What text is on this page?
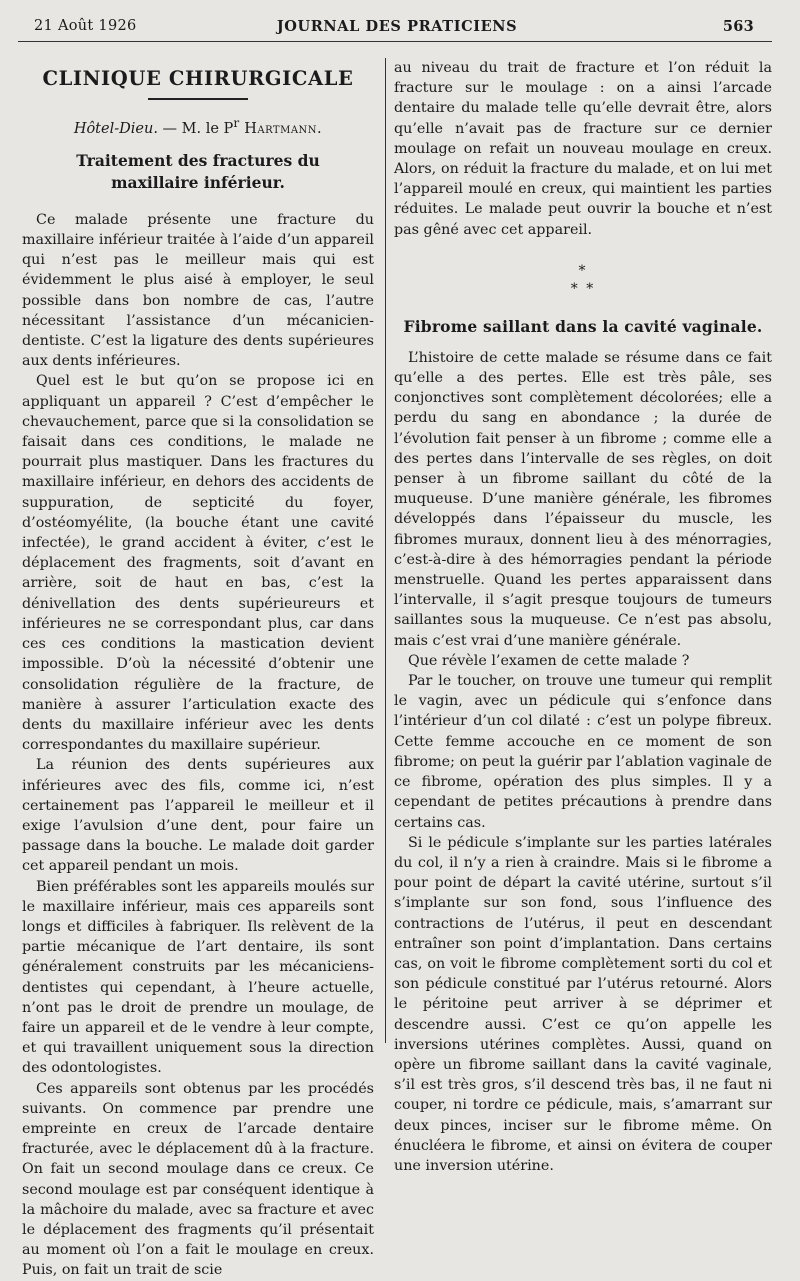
21 Août 1926	JOURNAL DES PRATICIENS	563
CLINIQUE CHIRURGICALE
Hôtel-Dieu. — M. le $P^r$ Hartmann.
Traitement des fractures du maxillaire inférieur.

Ce malade présente une fracture du maxillaire inférieur traitée à l’aide d’un appareil qui n’est pas le meilleur mais qui est évidemment le plus aisé à employer, le seul possible dans bon nombre de cas, l’autre nécessitant l’assistance d’un mécanicien-dentiste. C’est la ligature des dents supérieures aux dents inférieures.

Quel est le but qu’on se propose ici en appliquant un appareil ? C’est d’empêcher le chevauchement, parce que si la consolidation se faisait dans ces conditions, le malade ne pourrait plus mastiquer. Dans les fractures du maxillaire inférieur, en dehors des accidents de suppuration, de septicité du foyer, d’ostéomyélite, (la bouche étant une cavité infectée), le grand accident à éviter, c’est le déplacement des fragments, soit d’avant en arrière, soit de haut en bas, c’est la dénivellation des dents supérieureurs et inférieures ne se correspondant plus, car dans ces ces conditions la mastication devient impossible. D’où la nécessité d’obtenir une consolidation régulière de la fracture, de manière à assurer l’articulation exacte des dents du maxillaire inférieur avec les dents correspondantes du maxillaire supérieur.

La réunion des dents supérieures aux inférieures avec des fils, comme ici, n’est certainement pas l’appareil le meilleur et il exige l’avulsion d’une dent, pour faire un passage dans la bouche. Le malade doit garder cet appareil pendant un mois.

Bien préférables sont les appareils moulés sur le maxillaire inférieur, mais ces appareils sont longs et difficiles à fabriquer. Ils relèvent de la partie mécanique de l’art dentaire, ils sont généralement construits par les mécaniciens-dentistes qui cependant, à l’heure actuelle, n’ont pas le droit de prendre un moulage, de faire un appareil et de le vendre à leur compte, et qui travaillent uniquement sous la direction des odontologistes.

Ces appareils sont obtenus par les procédés suivants. On commence par prendre une empreinte en creux de l’arcade dentaire fracturée, avec le déplacement dû à la fracture. On fait un second moulage dans ce creux. Ce second moulage est par conséquent identique à la mâchoire du malade, avec sa fracture et avec le déplacement des fragments qu’il présentait au moment où l’on a fait le moulage en creux. Puis, on fait un trait de scie

au niveau du trait de fracture et l’on réduit la fracture sur le moulage : on a ainsi l’arcade dentaire du malade telle qu’elle devrait être, alors qu’elle n’avait pas de fracture sur ce dernier moulage on refait un nouveau moulage en creux. Alors, on réduit la fracture du malade, et on lui met l’appareil moulé en creux, qui maintient les parties réduites. Le malade peut ouvrir la bouche et n’est pas gêné avec cet appareil.

*
* *
Fibrome saillant dans la cavité vaginale.

L’histoire de cette malade se résume dans ce fait qu’elle a des pertes. Elle est très pâle, ses conjonctives sont complètement décolorées; elle a perdu du sang en abondance ; la durée de l’évolution fait penser à un fibrome ; comme elle a des pertes dans l’intervalle de ses règles, on doit penser à un fibrome saillant du côté de la muqueuse. D’une manière générale, les fibromes développés dans l’épaisseur du muscle, les fibromes muraux, donnent lieu à des ménorragies, c’est-à-dire à des hémorragies pendant la période menstruelle. Quand les pertes apparaissent dans l’intervalle, il s’agit presque toujours de tumeurs saillantes sous la muqueuse. Ce n’est pas absolu, mais c’est vrai d’une manière générale.

Que révèle l’examen de cette malade ?

Par le toucher, on trouve une tumeur qui remplit le vagin, avec un pédicule qui s’enfonce dans l’intérieur d’un col dilaté : c’est un polype fibreux. Cette femme accouche en ce moment de son fibrome; on peut la guérir par l’ablation vaginale de ce fibrome, opération des plus simples. Il y a cependant de petites précautions à prendre dans certains cas.

Si le pédicule s’implante sur les parties latérales du col, il n’y a rien à craindre. Mais si le fibrome a pour point de départ la cavité utérine, surtout s’il s’implante sur son fond, sous l’influence des contractions de l’utérus, il peut en descendant entraîner son point d’implantation. Dans certains cas, on voit le fibrome complètement sorti du col et son pédicule constitué par l’utérus retourné. Alors le péritoine peut arriver à se déprimer et descendre aussi. C’est ce qu’on appelle les inversions utérines complètes. Aussi, quand on opère un fibrome saillant dans la cavité vaginale, s’il est très gros, s’il descend très bas, il ne faut ni couper, ni tordre ce pédicule, mais, s’amarrant sur deux pinces, inciser sur le fibrome même. On énucléera le fibrome, et ainsi on évitera de couper une inversion utérine.
